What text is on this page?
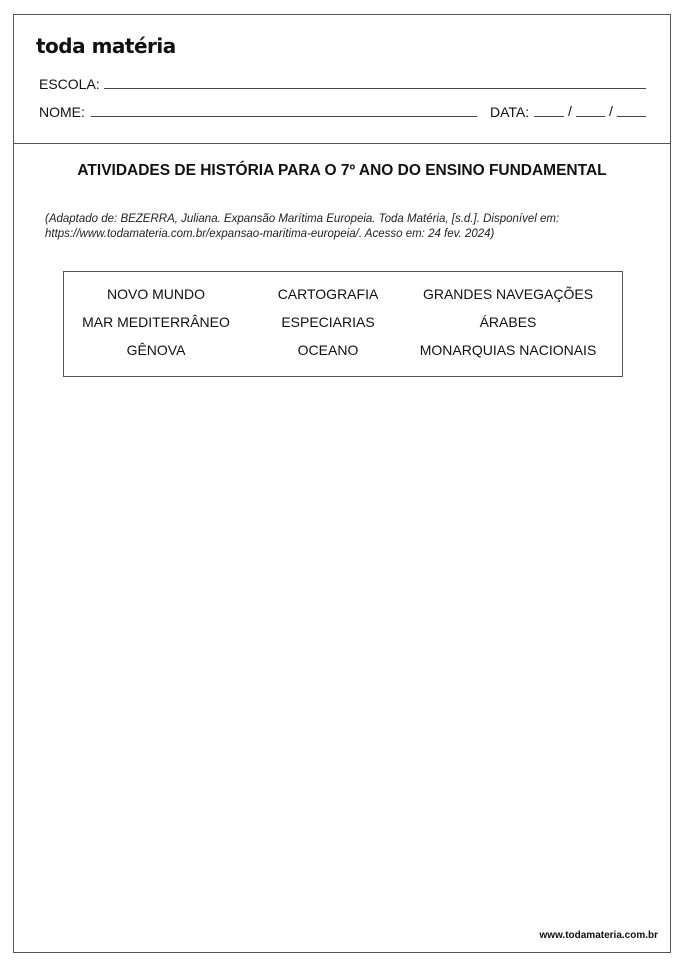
toda matéria
ESCOLA:
NOME:	DATA:	/	/
ATIVIDADES DE HISTÓRIA PARA O 7º ANO DO ENSINO FUNDAMENTAL
(Adaptado de: BEZERRA, Juliana. Expansão Marítima Europeia. Toda Matéria, [s.d.]. Disponível em:
https://www.todamateria.com.br/expansao-maritima-europeia/. Acesso em: 24 fev. 2024)
NOVO MUNDO	CARTOGRAFIA	GRANDES NAVEGAÇÕES
MAR MEDITERRÂNEO	ESPECIARIAS	ÁRABES
GÊNOVA	OCEANO	MONARQUIAS NACIONAIS
www.todamateria.com.br
